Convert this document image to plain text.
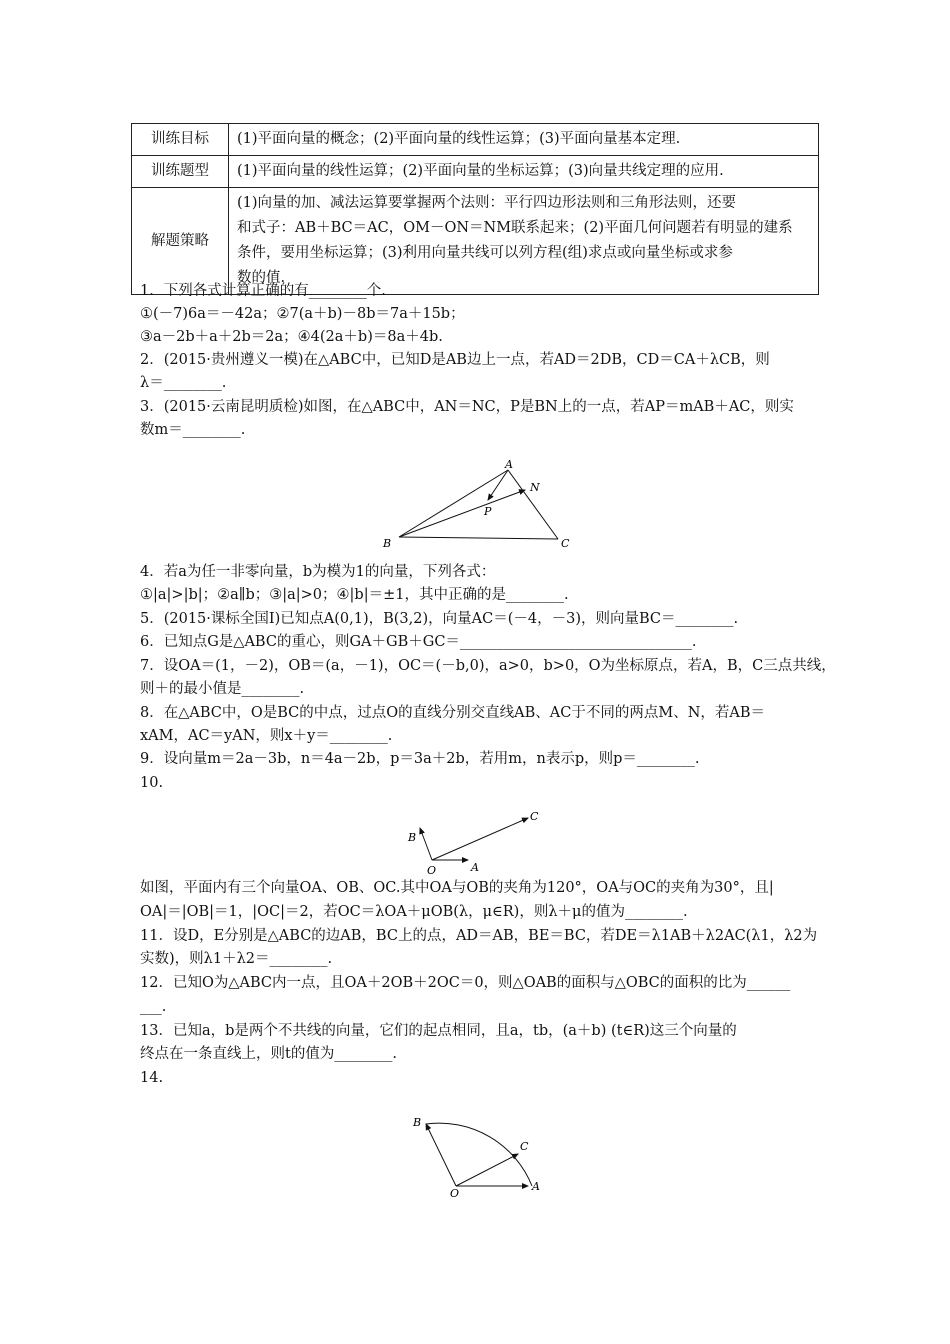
训练目标	(1)平面向量的概念；(2)平面向量的线性运算；(3)平面向量基本定理.
训练题型	(1)平面向量的线性运算；(2)平面向量的坐标运算；(3)向量共线定理的应用.
解题策略	(1)向量的加、减法运算要掌握两个法则：平行四边形法则和三角形法则，还要
和式子：AB＋BC＝AC，OM－ON＝NM联系起来；(2)平面几何问题若有明显的建系
条件，要用坐标运算；(3)利用向量共线可以列方程(组)求点或向量坐标或求参
数的值.
1．下列各式计算正确的有________个.
①(－7)6a＝－42a；②7(a＋b)－8b＝7a＋15b；
③a－2b＋a＋2b＝2a；④4(2a＋b)＝8a＋4b.
2．(2015·贵州遵义一模)在△ABC中，已知D是AB边上一点，若AD＝2DB，CD＝CA＋λCB，则
λ＝________.
3．(2015·云南昆明质检)如图，在△ABC中，AN＝NC，P是BN上的一点，若AP＝mAB＋AC，则实
数m＝________.
4．若a为任一非零向量，b为模为1的向量，下列各式：
①|a|>|b|；②a∥b；③|a|>0；④|b|＝±1，其中正确的是________.
5．(2015·课标全国Ⅰ)已知点A(0,1)，B(3,2)，向量AC＝(－4，－3)，则向量BC＝________.
6．已知点G是△ABC的重心，则GA＋GB＋GC＝________________________________.
7．设OA＝(1，－2)，OB＝(a，－1)，OC＝(－b,0)，a>0，b>0，O为坐标原点，若A，B，C三点共线，
则＋的最小值是________.
8．在△ABC中，O是BC的中点，过点O的直线分别交直线AB、AC于不同的两点M、N，若AB＝
xAM，AC＝yAN，则x＋y＝________.
9．设向量m＝2a－3b，n＝4a－2b，p＝3a＋2b，若用m，n表示p，则p＝________.
10.
如图，平面内有三个向量OA、OB、OC.其中OA与OB的夹角为120°，OA与OC的夹角为30°，且|
OA|＝|OB|＝1，|OC|＝2，若OC＝λOA＋μOB(λ，μ∈R)，则λ＋μ的值为________.
11．设D，E分别是△ABC的边AB，BC上的点，AD＝AB，BE＝BC，若DE＝λ1AB＋λ2AC(λ1，λ2为
实数)，则λ1＋λ2＝________.
12．已知O为△ABC内一点，且OA＋2OB＋2OC＝0，则△OAB的面积与△OBC的面积的比为______
___.
13．已知a，b是两个不共线的向量，它们的起点相同，且a，tb，(a＋b) (t∈R)这三个向量的
终点在一条直线上，则t的值为________.
14.
A
N
P
B	C
C
B
O	A
B
C
O
A
